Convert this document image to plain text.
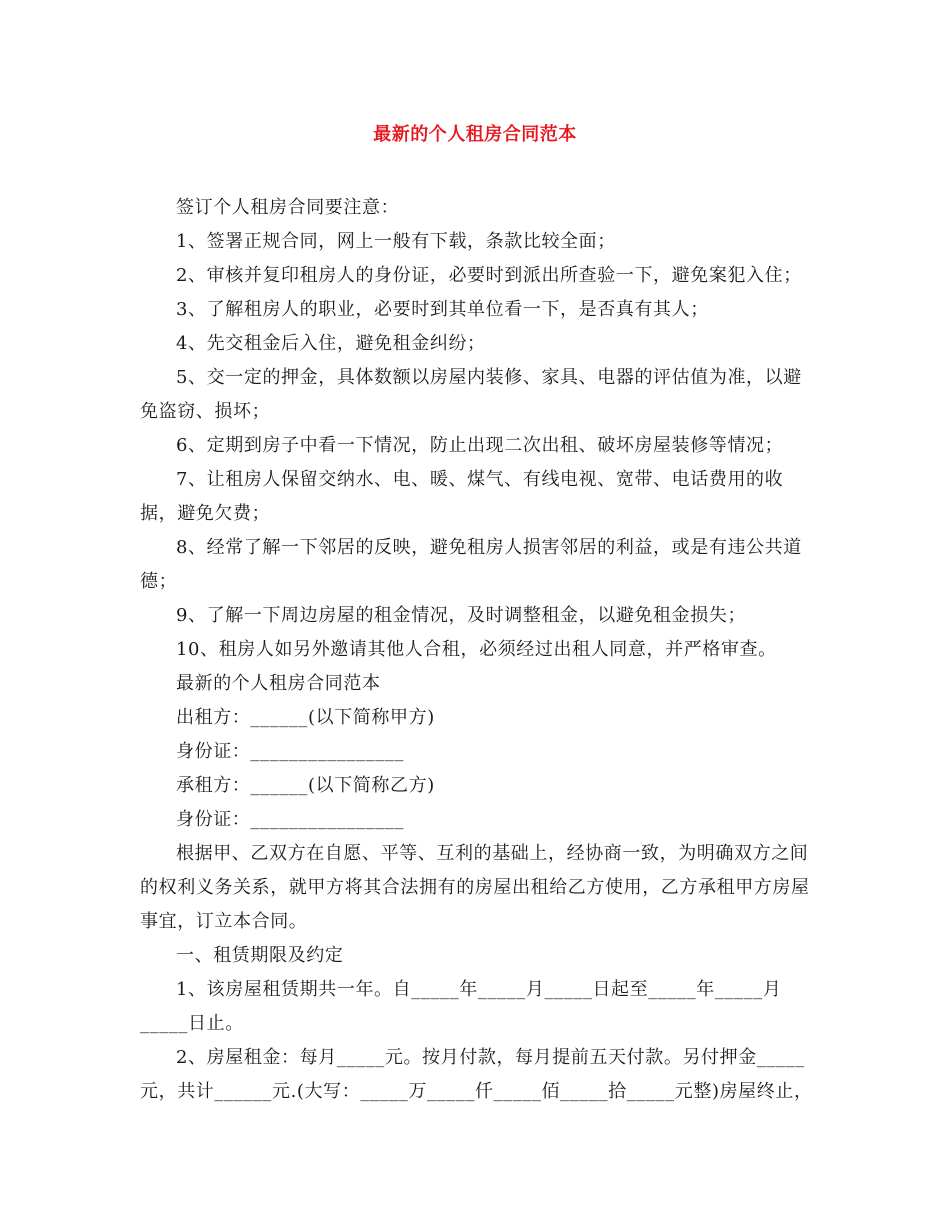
最新的个人租房合同范本

签订个人租房合同要注意：

1、签署正规合同，网上一般有下载，条款比较全面；

2、审核并复印租房人的身份证，必要时到派出所查验一下，避免案犯入住；

3、了解租房人的职业，必要时到其单位看一下，是否真有其人；

4、先交租金后入住，避免租金纠纷；

5、交一定的押金，具体数额以房屋内装修、家具、电器的评估值为准，以避免盗窃、损坏；

6、定期到房子中看一下情况，防止出现二次出租、破坏房屋装修等情况；

7、让租房人保留交纳水、电、暖、煤气、有线电视、宽带、电话费用的收据，避免欠费；

8、经常了解一下邻居的反映，避免租房人损害邻居的利益，或是有违公共道德；

9、了解一下周边房屋的租金情况，及时调整租金，以避免租金损失；

10、租房人如另外邀请其他人合租，必须经过出租人同意，并严格审查。

最新的个人租房合同范本

出租方：______(以下简称甲方)

身份证：________________

承租方：______(以下简称乙方)

身份证：________________

根据甲、乙双方在自愿、平等、互利的基础上，经协商一致，为明确双方之间的权利义务关系，就甲方将其合法拥有的房屋出租给乙方使用，乙方承租甲方房屋事宜，订立本合同。

一、租赁期限及约定

1、该房屋租赁期共一年。自_____年_____月_____日起至_____年_____月_____日止。

2、房屋租金：每月_____元。按月付款，每月提前五天付款。另付押金_____元，共计______元.(大写：_____万_____仟_____佰_____拾_____元整)房屋终止，
